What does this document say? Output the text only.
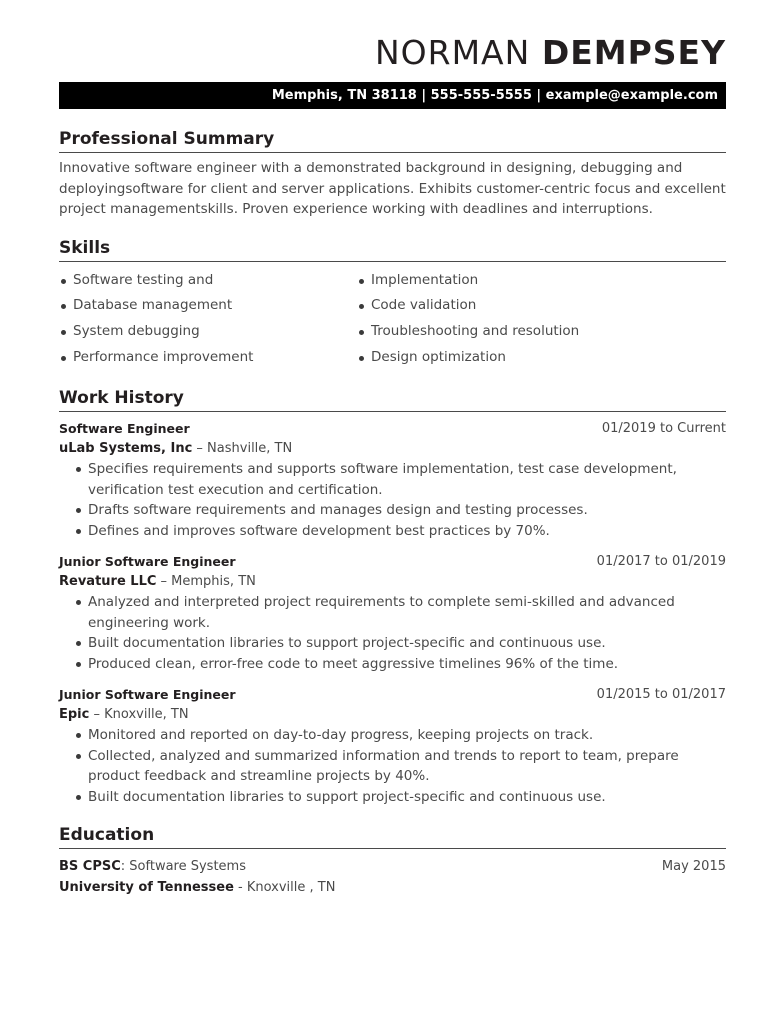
NORMAN DEMPSEY
Memphis, TN 38118 | 555-555-5555 | example@example.com
Professional Summary
Innovative software engineer with a demonstrated background in designing, debugging and deployingsoftware for client and server applications. Exhibits customer-centric focus and excellent project managementskills. Proven experience working with deadlines and interruptions.
Skills
Software testing and	Implementation
Database management	Code validation
System debugging	Troubleshooting and resolution
Performance improvement	Design optimization
Work History
Software Engineer	01/2019 to Current
uLab Systems, Inc – Nashville, TN
Specifies requirements and supports software implementation, test case development, verification test execution and certification.
Drafts software requirements and manages design and testing processes.
Defines and improves software development best practices by 70%.
Junior Software Engineer	01/2017 to 01/2019
Revature LLC – Memphis, TN
Analyzed and interpreted project requirements to complete semi-skilled and advanced engineering work.
Built documentation libraries to support project-specific and continuous use.
Produced clean, error-free code to meet aggressive timelines 96% of the time.
Junior Software Engineer	01/2015 to 01/2017
Epic – Knoxville, TN
Monitored and reported on day-to-day progress, keeping projects on track.
Collected, analyzed and summarized information and trends to report to team, prepare product feedback and streamline projects by 40%.
Built documentation libraries to support project-specific and continuous use.
Education
BS CPSC: Software Systems	May 2015
University of Tennessee - Knoxville , TN
